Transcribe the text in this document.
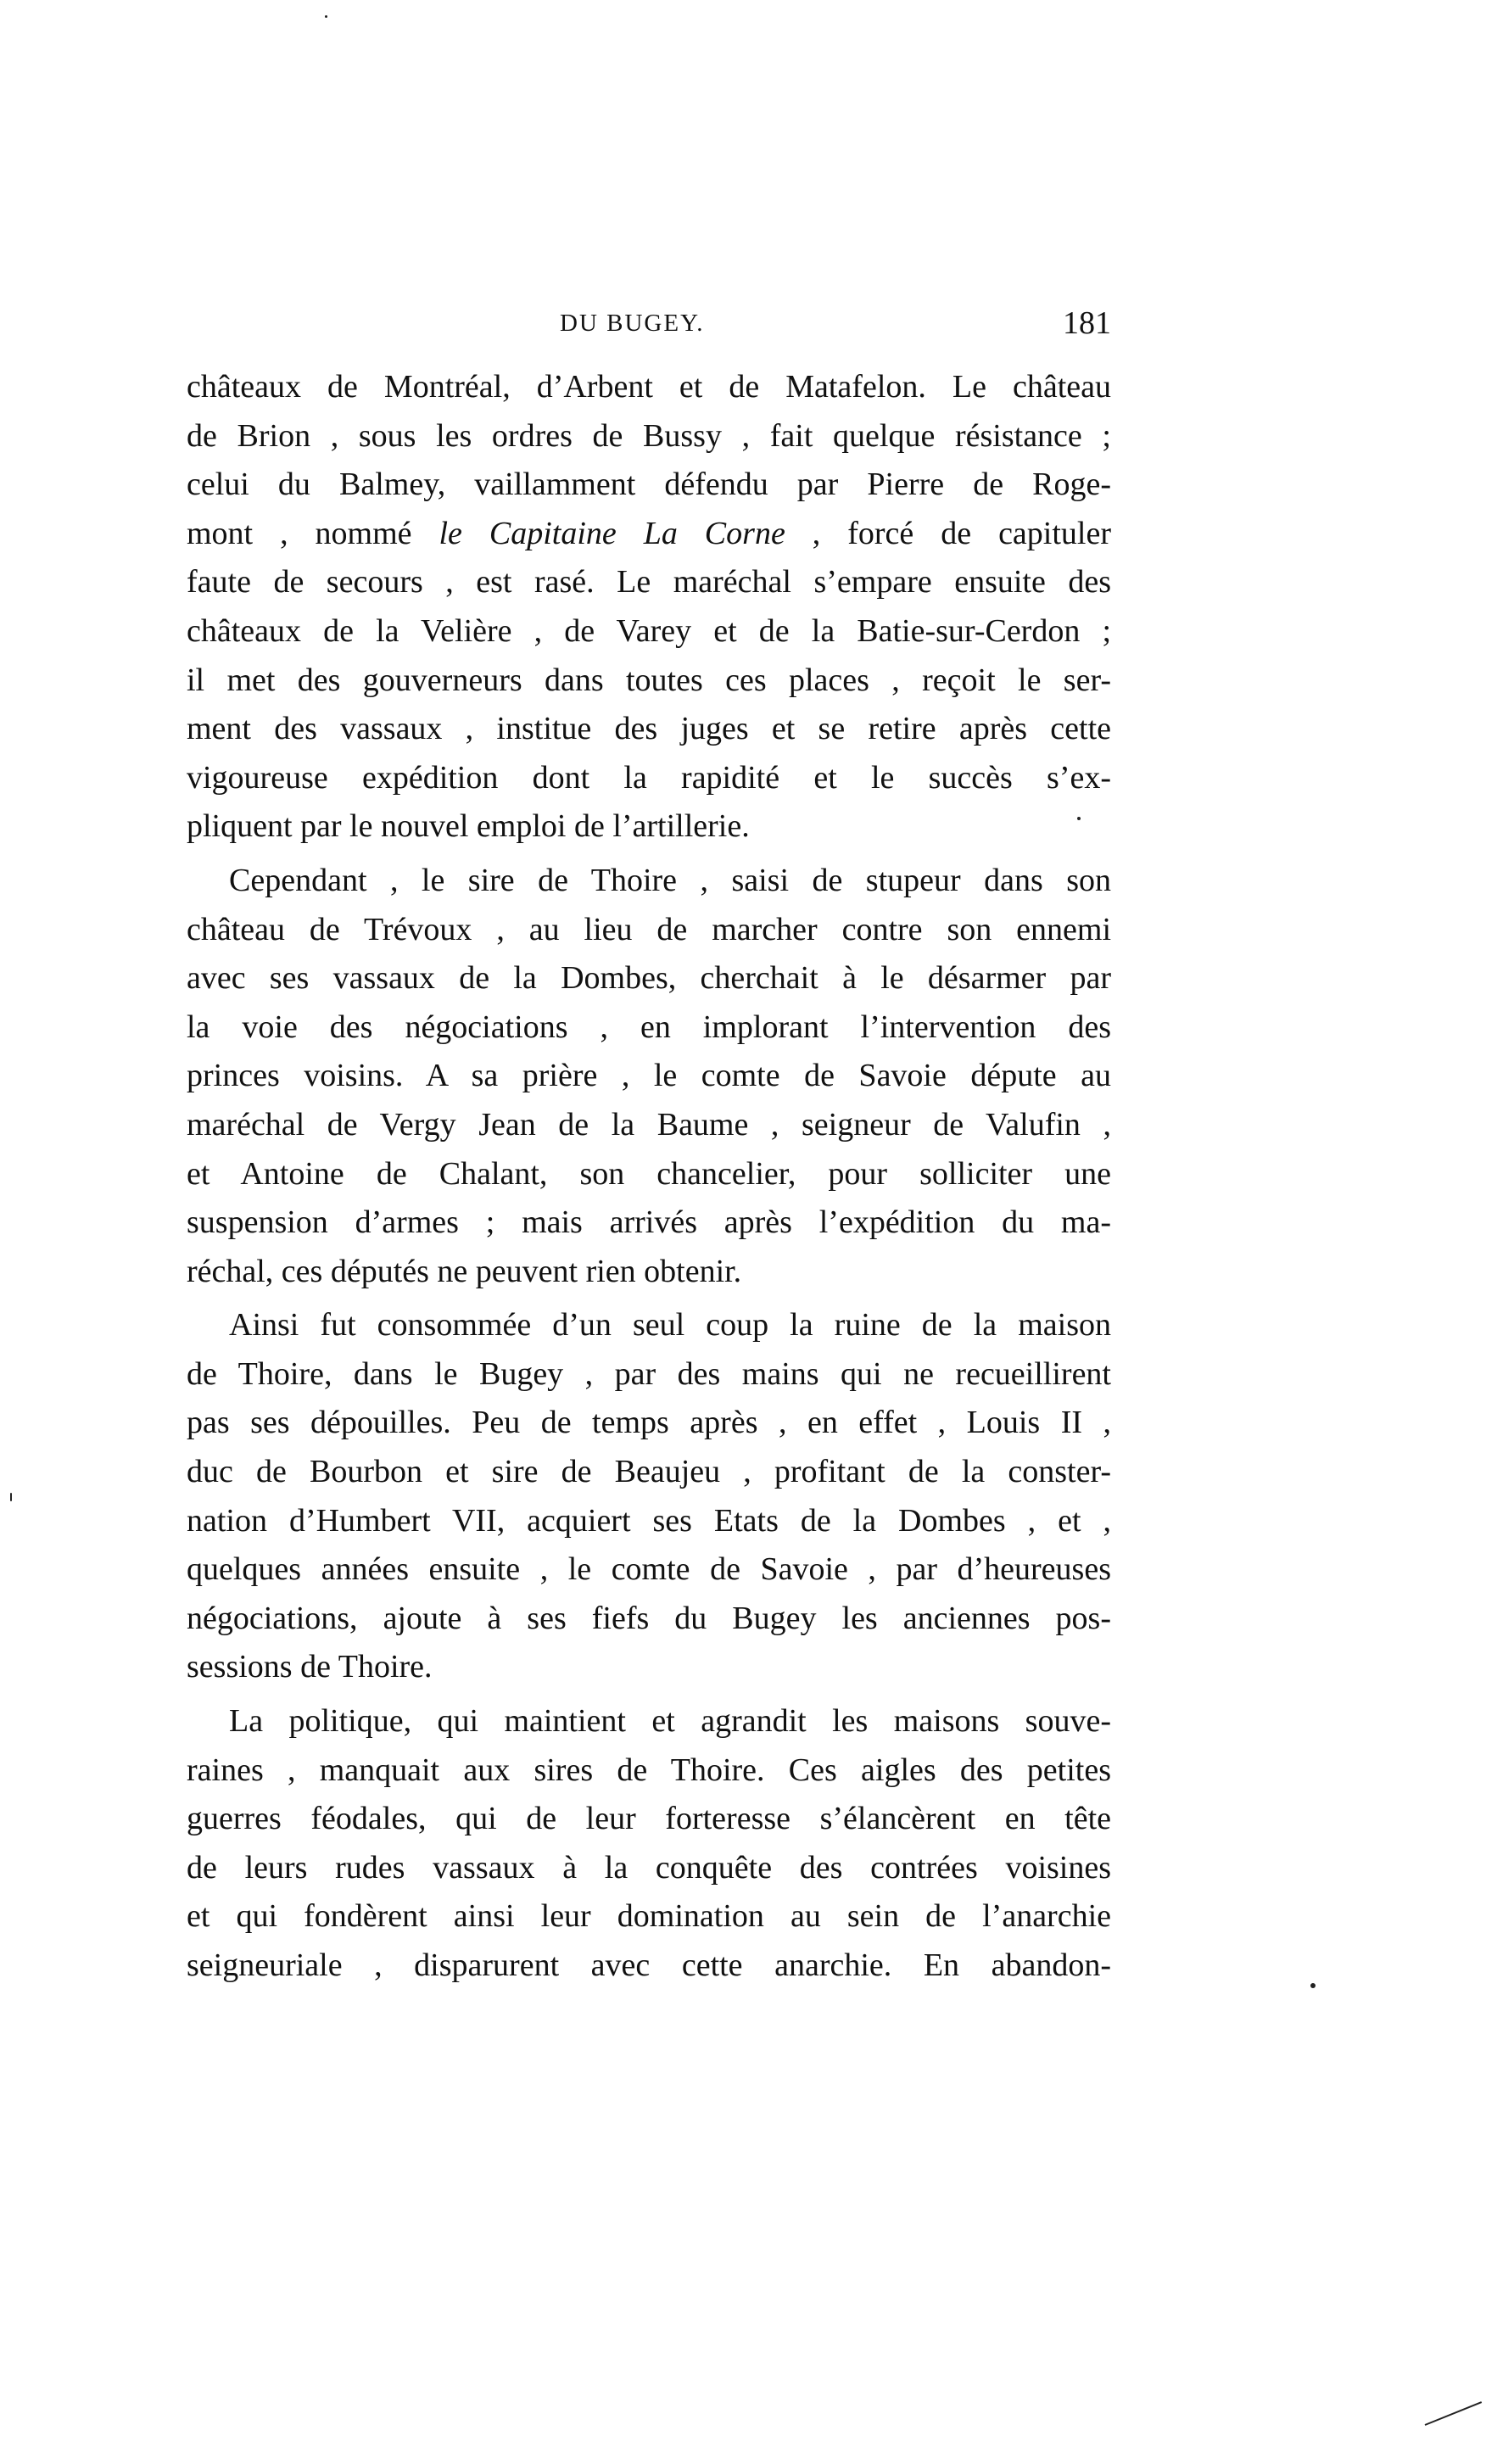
DU BUGEY.	181
châteaux de Montréal, d’Arbent et de Matafelon. Le château
de Brion , sous les ordres de Bussy , fait quelque résistance ;
celui du Balmey, vaillamment défendu par Pierre de Rogе-
mont , nommé le Capitaine La Corne , forcé de capituler
faute de secours , est rasé. Le maréchal s’empare ensuite des
châteaux de la Velière , de Varey et de la Batie-sur-Cerdon ;
il met des gouverneurs dans toutes ces places , reçoit le ser-
ment des vassaux , institue des juges et se retire après cette
vigoureuse expédition dont la rapidité et le succès s’ex-
pliquent par le nouvel emploi de l’artillerie.
Cependant , le sire de Thoire , saisi de stupeur dans son
château de Trévoux , au lieu de marcher contre son ennemi
avec ses vassaux de la Dombes, cherchait à le désarmer par
la voie des négociations , en implorant l’intervention des
princes voisins. A sa prière , le comte de Savoie députe au
maréchal de Vergy Jean de la Baume , seigneur de Valufin ,
et Antoine de Chalant, son chancelier, pour solliciter une
suspension d’armes ; mais arrivés après l’expédition du ma-
réchal, ces députés ne peuvent rien obtenir.
Ainsi fut consommée d’un seul coup la ruine de la maison
de Thoire, dans le Bugey , par des mains qui ne recueillirent
pas ses dépouilles. Peu de temps après , en effet , Louis II ,
duc de Bourbon et sire de Beaujeu , profitant de la conster-
nation d’Humbert VII, acquiert ses Etats de la Dombes , et ,
quelques années ensuite , le comte de Savoie , par d’heureuses
négociations, ajoute à ses fiefs du Bugey les anciennes pos-
sessions de Thoire.
La politique, qui maintient et agrandit les maisons souve-
raines , manquait aux sires de Thoire. Ces aigles des petites
guerres féodales, qui de leur forteresse s’élancèrent en tête
de leurs rudes vassaux à la conquête des contrées voisines
et qui fondèrent ainsi leur domination au sein de l’anarchie
seigneuriale , disparurent avec cette anarchie. En abandon-
